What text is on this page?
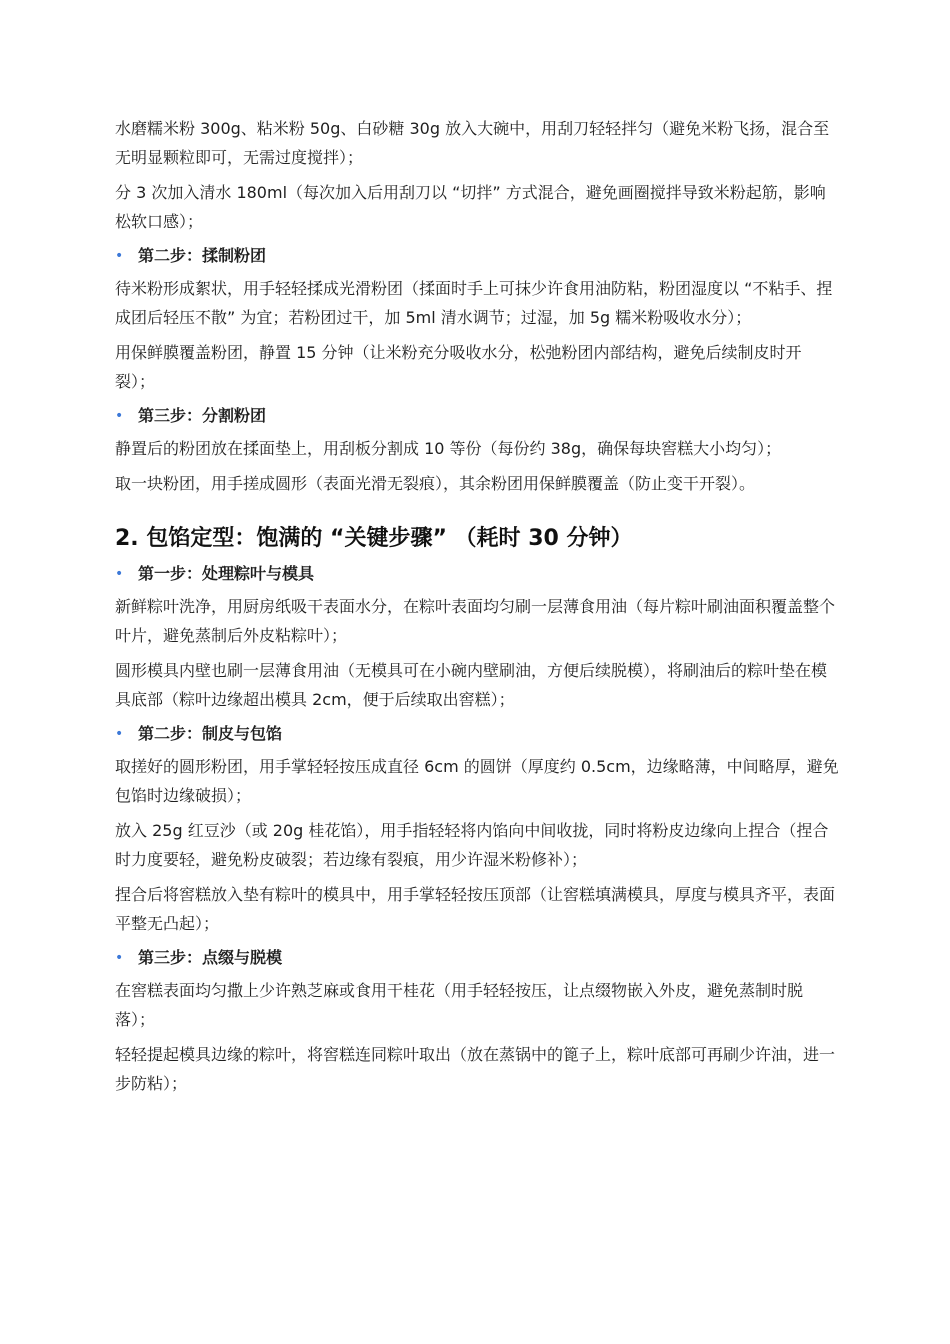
水磨糯米粉 300g、粘米粉 50g、白砂糖 30g 放入大碗中，用刮刀轻轻拌匀（避免米粉飞扬，混合至无明显颗粒即可，无需过度搅拌）；

分 3 次加入清水 180ml（每次加入后用刮刀以 “切拌” 方式混合，避免画圈搅拌导致米粉起筋，影响松软口感）；

• 第二步：揉制粉团

待米粉形成絮状，用手轻轻揉成光滑粉团（揉面时手上可抹少许食用油防粘，粉团湿度以 “不粘手、捏成团后轻压不散” 为宜；若粉团过干，加 5ml 清水调节；过湿，加 5g 糯米粉吸收水分）；

用保鲜膜覆盖粉团，静置 15 分钟（让米粉充分吸收水分，松弛粉团内部结构，避免后续制皮时开裂）；

• 第三步：分割粉团

静置后的粉团放在揉面垫上，用刮板分割成 10 等份（每份约 38g，确保每块窖糕大小均匀）；

取一块粉团，用手搓成圆形（表面光滑无裂痕），其余粉团用保鲜膜覆盖（防止变干开裂）。

2. 包馅定型：饱满的 “关键步骤” （耗时 30 分钟）
• 第一步：处理粽叶与模具

新鲜粽叶洗净，用厨房纸吸干表面水分，在粽叶表面均匀刷一层薄食用油（每片粽叶刷油面积覆盖整个叶片，避免蒸制后外皮粘粽叶）；

圆形模具内壁也刷一层薄食用油（无模具可在小碗内壁刷油，方便后续脱模），将刷油后的粽叶垫在模具底部（粽叶边缘超出模具 2cm，便于后续取出窖糕）；

• 第二步：制皮与包馅

取搓好的圆形粉团，用手掌轻轻按压成直径 6cm 的圆饼（厚度约 0.5cm，边缘略薄，中间略厚，避免包馅时边缘破损）；

放入 25g 红豆沙（或 20g 桂花馅），用手指轻轻将内馅向中间收拢，同时将粉皮边缘向上捏合（捏合时力度要轻，避免粉皮破裂；若边缘有裂痕，用少许湿米粉修补）；

捏合后将窖糕放入垫有粽叶的模具中，用手掌轻轻按压顶部（让窖糕填满模具，厚度与模具齐平，表面平整无凸起）；

• 第三步：点缀与脱模

在窖糕表面均匀撒上少许熟芝麻或食用干桂花（用手轻轻按压，让点缀物嵌入外皮，避免蒸制时脱落）；

轻轻提起模具边缘的粽叶，将窖糕连同粽叶取出（放在蒸锅中的篦子上，粽叶底部可再刷少许油，进一步防粘）；
